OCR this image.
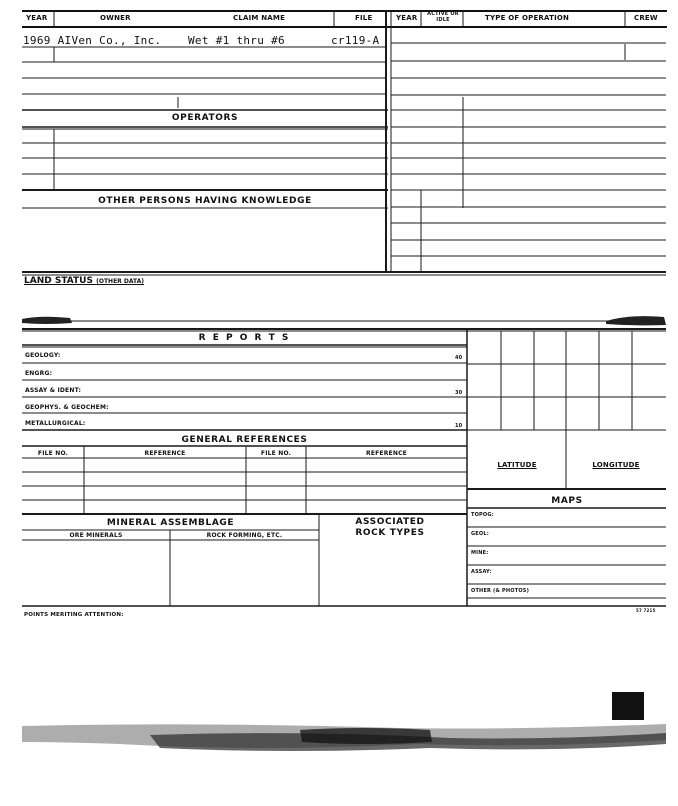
YEAR	OWNER	CLAIM NAME	FILE	YEAR	ACTIVE OR IDLE	TYPE OF OPERATION	CREW
1969 AIVen Co., Inc. Wet #1 thru #6	cr119-A
OPERATORS
OTHER PERSONS HAVING KNOWLEDGE
LAND STATUS (OTHER DATA)
R E P O R T S
GEOLOGY:	40
ENGRG:
ASSAY & IDENT:	30
GEOPHYS. & GEOCHEM:
METALLURGICAL:	10
GENERAL REFERENCES
FILE NO.	REFERENCE	FILE NO.	REFERENCE
MINERAL ASSEMBLAGE
ORE MINERALS	ROCK FORMING, ETC.
ASSOCIATED ROCK TYPES
LATITUDE	LONGITUDE
MAPS
TOPOG:
GEOL:
MINE:
ASSAY:
OTHER (& PHOTOS)
POINTS MERITING ATTENTION:
57 7215
